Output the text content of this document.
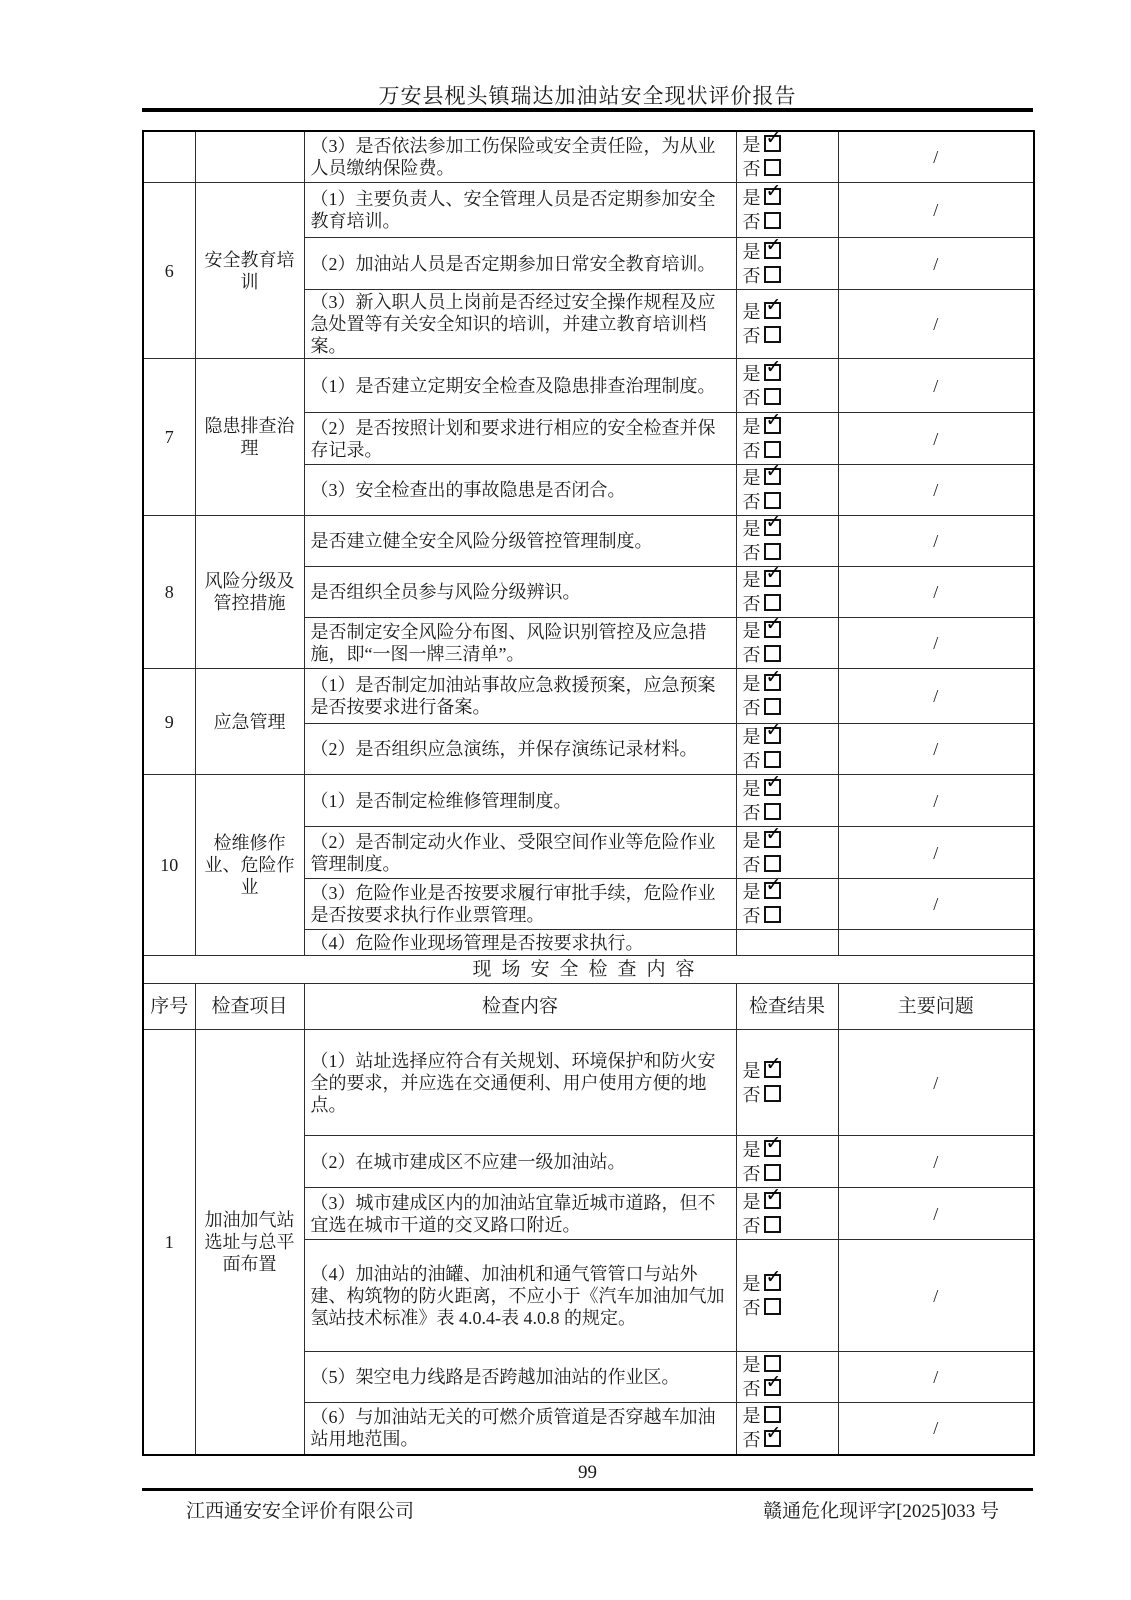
万安县枧头镇瑞达加油站安全现状评价报告
		（3）是否依法参加工伤保险或安全责任险，为从业人员缴纳保险费。	是✓
否	/
6	安全教育培训	（1）主要负责人、安全管理人员是否定期参加安全教育培训。	是✓
否	/
		（2）加油站人员是否定期参加日常安全教育培训。	是✓
否	/
		（3）新入职人员上岗前是否经过安全操作规程及应急处置等有关安全知识的培训，并建立教育培训档案。	是✓
否	/
7	隐患排查治理	（1）是否建立定期安全检查及隐患排查治理制度。	是✓
否	/
		（2）是否按照计划和要求进行相应的安全检查并保存记录。	是✓
否	/
		（3）安全检查出的事故隐患是否闭合。	是✓
否	/
8	风险分级及管控措施	是否建立健全安全风险分级管控管理制度。	是✓
否	/
		是否组织全员参与风险分级辨识。	是✓
否	/
		是否制定安全风险分布图、风险识别管控及应急措施，即“一图一牌三清单”。	是✓
否	/
9	应急管理	（1）是否制定加油站事故应急救援预案，应急预案是否按要求进行备案。	是✓
否	/
		（2）是否组织应急演练，并保存演练记录材料。	是✓
否	/
10	检维修作业、危险作业	（1）是否制定检维修管理制度。	是✓
否	/
		（2）是否制定动火作业、受限空间作业等危险作业管理制度。	是✓
否	/
		（3）危险作业是否按要求履行审批手续，危险作业是否按要求执行作业票管理。	是✓
否	/
		（4）危险作业现场管理是否按要求执行。		
现场安全检查内容				
序号	检查项目	检查内容	检查结果	主要问题
1	加油加气站选址与总平面布置	（1）站址选择应符合有关规划、环境保护和防火安全的要求，并应选在交通便利、用户使用方便的地点。	是✓
否	/
		（2）在城市建成区不应建一级加油站。	是✓
否	/
		（3）城市建成区内的加油站宜靠近城市道路，但不宜选在城市干道的交叉路口附近。	是✓
否	/
		（4）加油站的油罐、加油机和通气管管口与站外建、构筑物的防火距离，不应小于《汽车加油加气加氢站技术标准》表 4.0.4-表 4.0.8 的规定。	是✓
否	/
		（5）架空电力线路是否跨越加油站的作业区。	是
否✓	/
		（6）与加油站无关的可燃介质管道是否穿越车加油站用地范围。	是
否✓	/
99
江西通安安全评价有限公司	赣通危化现评字[2025]033 号
